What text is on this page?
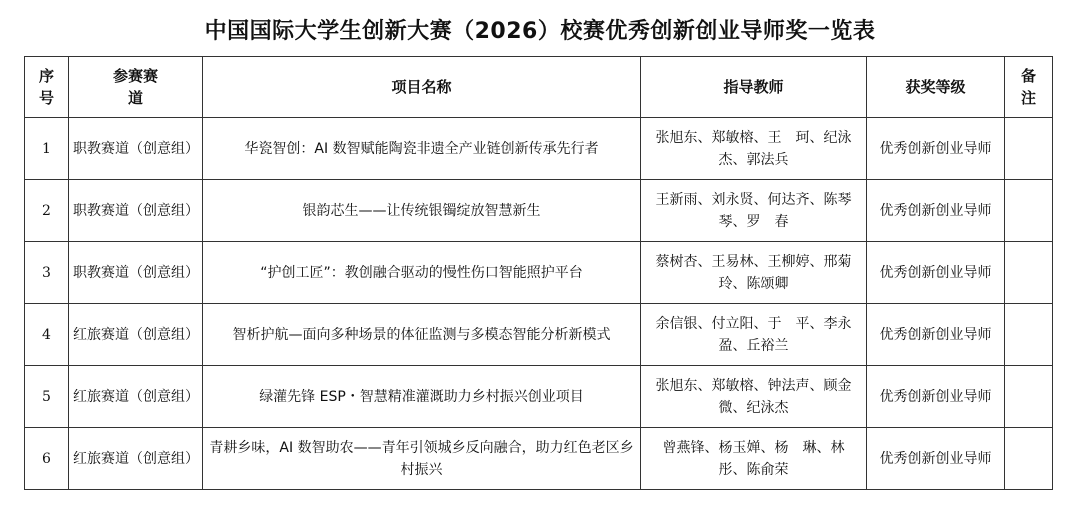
中国国际大学生创新大赛（2026）校赛优秀创新创业导师奖一览表
序号	参赛赛道	项目名称	指导教师	获奖等级	备注
1	职教赛道（创意组）	华瓷智创：AI 数智赋能陶瓷非遗全产业链创新传承先行者	张旭东、郑敏榕、王　珂、纪泳杰、郭法兵	优秀创新创业导师	
2	职教赛道（创意组）	银韵芯生——让传统银镯绽放智慧新生	王新雨、刘永贤、何达齐、陈琴琴、罗　春	优秀创新创业导师	
3	职教赛道（创意组）	“护创工匠”：教创融合驱动的慢性伤口智能照护平台	蔡树杏、王易林、王柳婷、邢菊玲、陈颂卿	优秀创新创业导师	
4	红旅赛道（创意组）	智析护航—面向多种场景的体征监测与多模态智能分析新模式	余信银、付立阳、于　平、李永盈、丘裕兰	优秀创新创业导师	
5	红旅赛道（创意组）	绿灌先锋 ESP・智慧精准灌溉助力乡村振兴创业项目	张旭东、郑敏榕、钟法声、顾金微、纪泳杰	优秀创新创业导师	
6	红旅赛道（创意组）	青耕乡味，AI 数智助农——青年引领城乡反向融合，助力红色老区乡村振兴	曾燕锋、杨玉婵、杨　琳、林　彤、陈俞荣	优秀创新创业导师	
